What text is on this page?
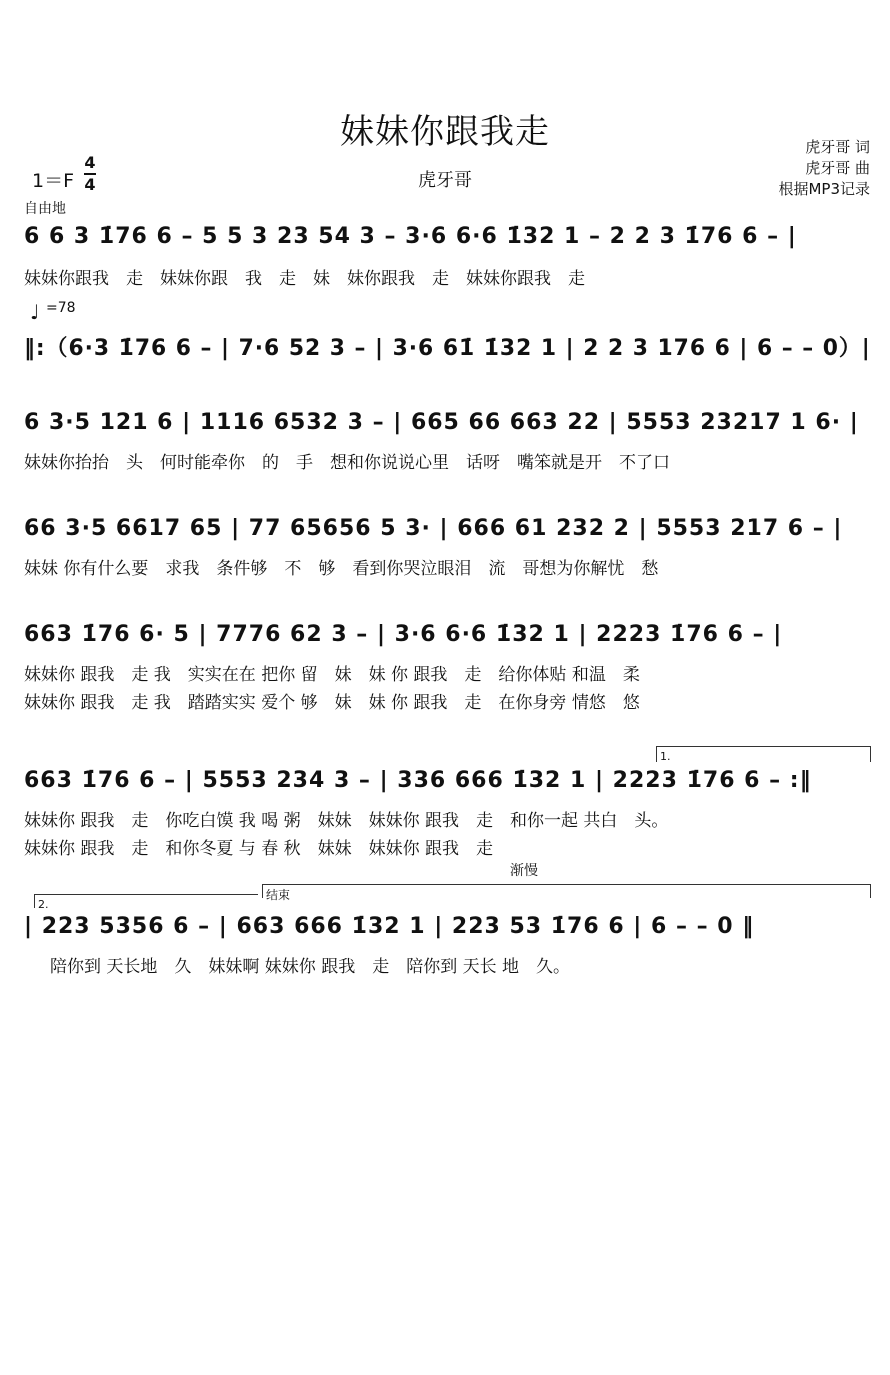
妹妹你跟我走
虎牙哥
虎牙哥 词
虎牙哥 曲
根据MP3记录
1＝F
4
4
自由地
6 6 3 1̇76 6 – 5 5 3 23 54 3 – 3·6 6·6 1̇32 1 – 2 2 3 1̇76 6 – |
妹妹你跟我　走　妹妹你跟　我　走　妹　妹你跟我　走　妹妹你跟我　走
♩ =78
‖:（6·3 1̇76 6 – | 7·6 52 3 – | 3·6 61̇ 1̇32 1 | 2 2 3 176 6 | 6 – – 0）|
6 3·5 121 6 | 1116 6532 3 – | 665 66 663 22 | 5553 23217 1 6· |
妹妹你抬抬　头　何时能牵你　的　手　想和你说说心里　话呀　嘴笨就是开　不了口
66 3·5 6617 65 | 77 65656 5 3· | 666 61 232 2 | 5553 217 6 – |
妹妹 你有什么要　求我　条件够　不　够　看到你哭泣眼泪　流　哥想为你解忧　愁
663 1̇76 6· 5 | 7776 62 3 – | 3·6 6·6 1̇32 1 | 2223 1̇76 6 – |
妹妹你 跟我　走 我　实实在在 把你 留　妹　妹 你 跟我　走　给你体贴 和温　柔
妹妹你 跟我　走 我　踏踏实实 爱个 够　妹　妹 你 跟我　走　在你身旁 情悠　悠
1.
663 1̇76 6 – | 5553 234 3 – | 336 666 1̇32 1 | 2223 1̇76 6 – :‖
妹妹你 跟我　走　你吃白馍 我 喝 粥　妹妹　妹妹你 跟我　走　和你一起 共白　头。
妹妹你 跟我　走　和你冬夏 与 春 秋　妹妹　妹妹你 跟我　走
渐慢
2.
结束
| 223 5356 6 – | 663 666 1̇32 1 | 223 53 1̇76 6 | 6 – – 0 ‖
陪你到 天长地　久　妹妹啊 妹妹你 跟我　走　陪你到 天长 地　久。
